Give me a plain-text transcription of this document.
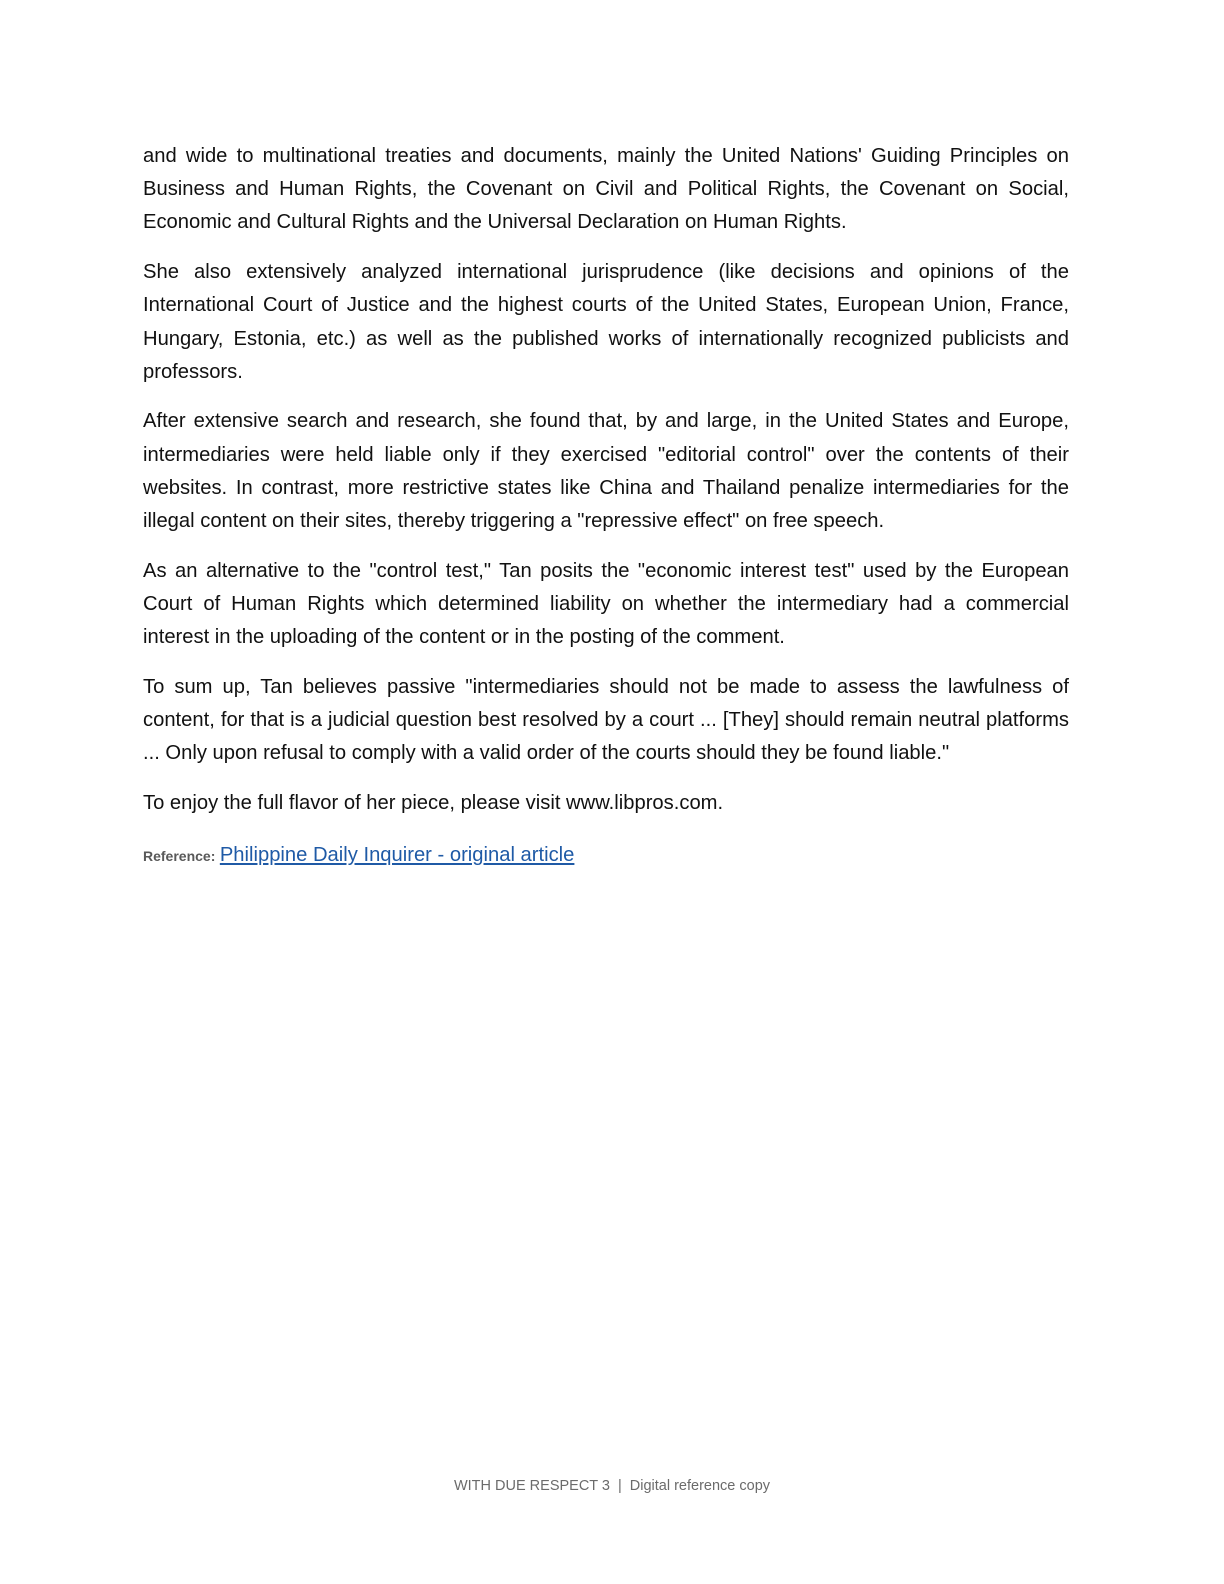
and wide to multinational treaties and documents, mainly the United Nations' Guiding Principles on Business and Human Rights, the Covenant on Civil and Political Rights, the Covenant on Social, Economic and Cultural Rights and the Universal Declaration on Human Rights.

She also extensively analyzed international jurisprudence (like decisions and opinions of the International Court of Justice and the highest courts of the United States, European Union, France, Hungary, Estonia, etc.) as well as the published works of internationally recognized publicists and professors.

After extensive search and research, she found that, by and large, in the United States and Europe, intermediaries were held liable only if they exercised "editorial control" over the contents of their websites. In contrast, more restrictive states like China and Thailand penalize intermediaries for the illegal content on their sites, thereby triggering a "repressive effect" on free speech.

As an alternative to the "control test," Tan posits the "economic interest test" used by the European Court of Human Rights which determined liability on whether the intermediary had a commercial interest in the uploading of the content or in the posting of the comment.

To sum up, Tan believes passive "intermediaries should not be made to assess the lawfulness of content, for that is a judicial question best resolved by a court ... [They] should remain neutral platforms ... Only upon refusal to comply with a valid order of the courts should they be found liable."

To enjoy the full flavor of her piece, please visit www.libpros.com.

Reference: Philippine Daily Inquirer - original article
WITH DUE RESPECT 3 | Digital reference copy
